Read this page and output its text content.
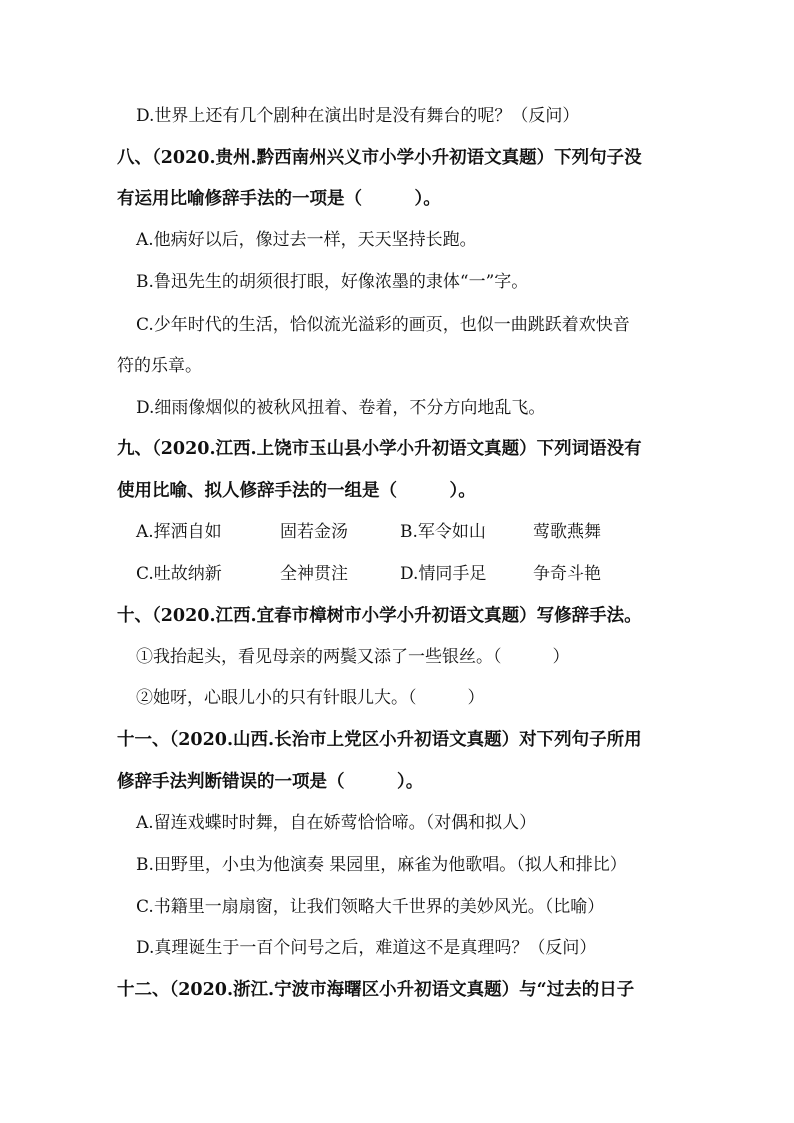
D.世界上还有几个剧种在演出时是没有舞台的呢？（反问）
八、（2020.贵州.黔西南州兴义市小学小升初语文真题）下列句子没
有运用比喻修辞手法的一项是（　　　）。
A.他病好以后，像过去一样，天天坚持长跑。
B.鲁迅先生的胡须很打眼，好像浓墨的隶体“一”字。
C.少年时代的生活，恰似流光溢彩的画页，也似一曲跳跃着欢快音
符的乐章。
D.细雨像烟似的被秋风扭着、卷着，不分方向地乱飞。
九、（2020.江西.上饶市玉山县小学小升初语文真题）下列词语没有
使用比喻、拟人修辞手法的一组是（　　　）。
A.挥洒自如	固若金汤	B.军令如山	莺歌燕舞
C.吐故纳新	全神贯注	D.情同手足	争奇斗艳
十、（2020.江西.宜春市樟树市小学小升初语文真题）写修辞手法。
①我抬起头，看见母亲的两鬓又添了一些银丝。（　　　）
②她呀，心眼儿小的只有针眼儿大。（　　　）
十一、（2020.山西.长治市上党区小升初语文真题）对下列句子所用
修辞手法判断错误的一项是（　　　）。
A.留连戏蝶时时舞，自在娇莺恰恰啼。（对偶和拟人）
B.田野里，小虫为他演奏 果园里，麻雀为他歌唱。（拟人和排比）
C.书籍里一扇扇窗，让我们领略大千世界的美妙风光。（比喻）
D.真理诞生于一百个问号之后，难道这不是真理吗？（反问）
十二、（2020.浙江.宁波市海曙区小升初语文真题）与“过去的日子
